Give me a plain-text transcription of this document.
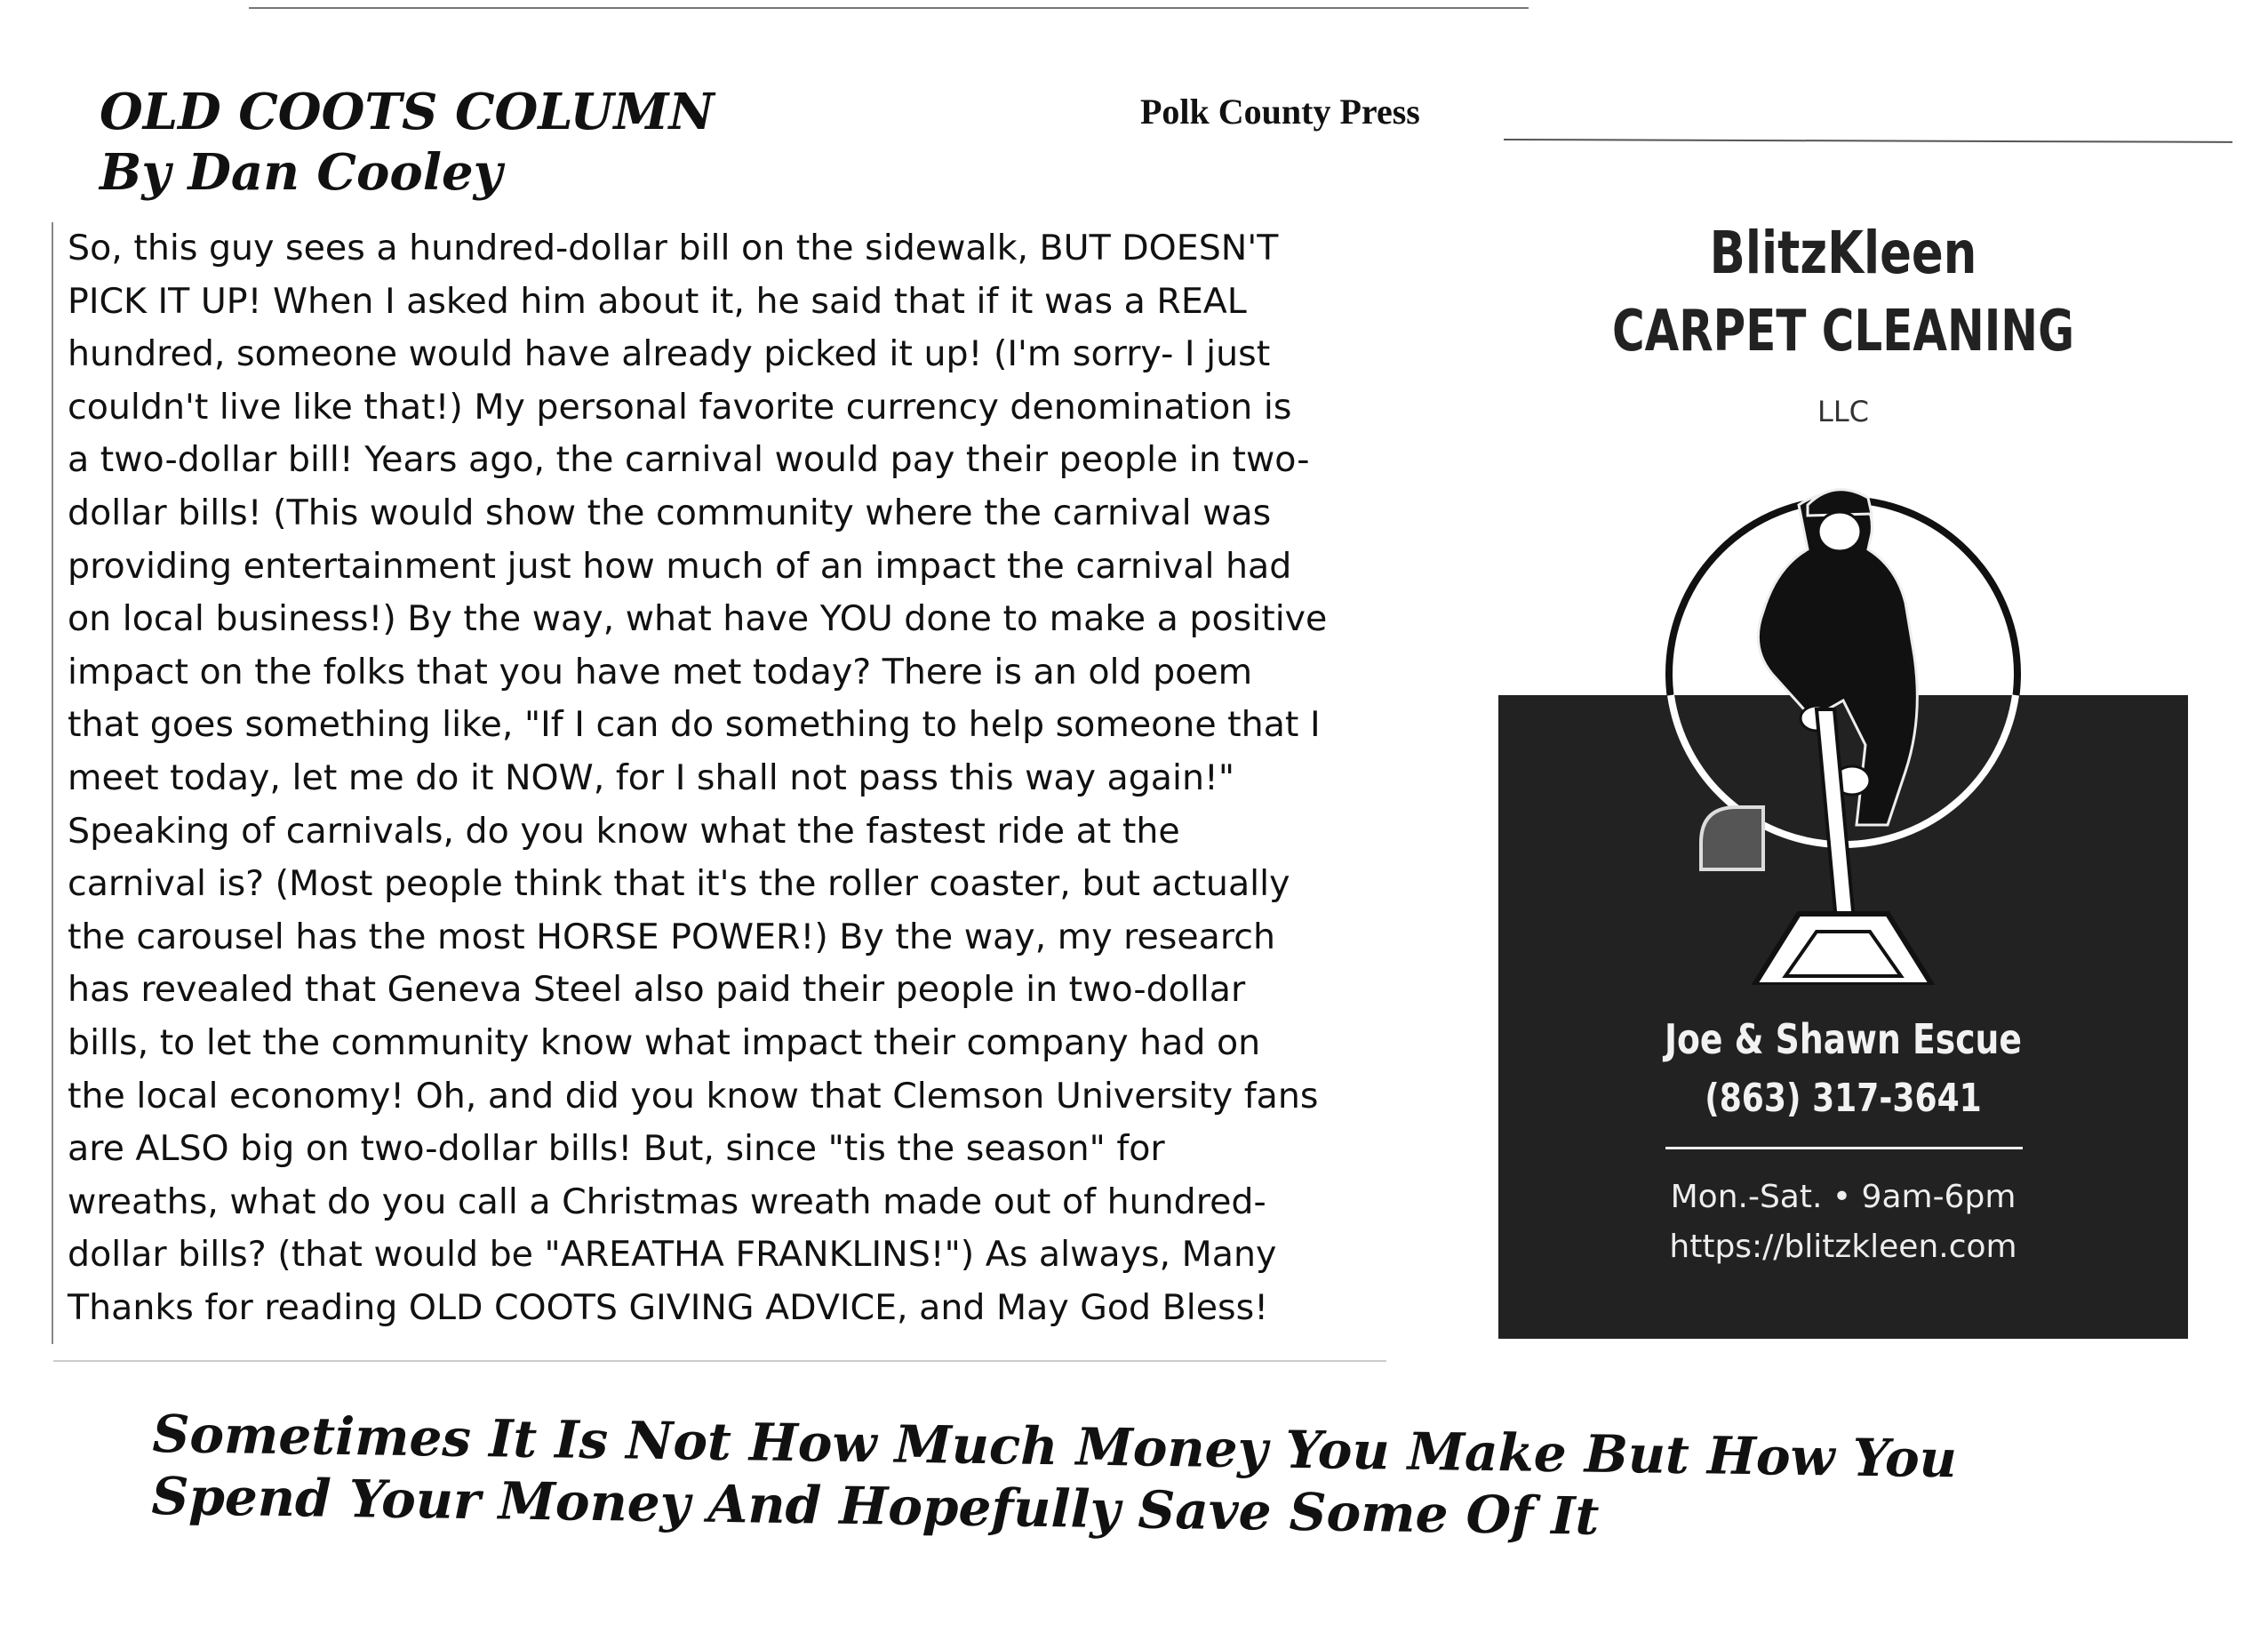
OLD COOTS COLUMN
By Dan Cooley
Polk County Press
So, this guy sees a hundred-dollar bill on the sidewalk, BUT DOESN'T
PICK IT UP! When I asked him about it, he said that if it was a REAL
hundred, someone would have already picked it up! (I'm sorry- I just
couldn't live like that!) My personal favorite currency denomination is
a two-dollar bill! Years ago, the carnival would pay their people in two-
dollar bills! (This would show the community where the carnival was
providing entertainment just how much of an impact the carnival had
on local business!) By the way, what have YOU done to make a positive
impact on the folks that you have met today? There is an old poem
that goes something like, "If I can do something to help someone that I
meet today, let me do it NOW, for I shall not pass this way again!"
Speaking of carnivals, do you know what the fastest ride at the
carnival is? (Most people think that it's the roller coaster, but actually
the carousel has the most HORSE POWER!) By the way, my research
has revealed that Geneva Steel also paid their people in two-dollar
bills, to let the community know what impact their company had on
the local economy! Oh, and did you know that Clemson University fans
are ALSO big on two-dollar bills! But, since "tis the season" for
wreaths, what do you call a Christmas wreath made out of hundred-
dollar bills? (that would be "AREATHA FRANKLINS!") As always, Many
Thanks for reading OLD COOTS GIVING ADVICE, and May God Bless!
BlitzKleen
CARPET CLEANING
LLC
Joe & Shawn Escue
(863) 317-3641
Mon.-Sat. • 9am-6pm
https://blitzkleen.com
Sometimes It Is Not How Much Money You Make But How You
Spend Your Money And Hopefully Save Some Of It
